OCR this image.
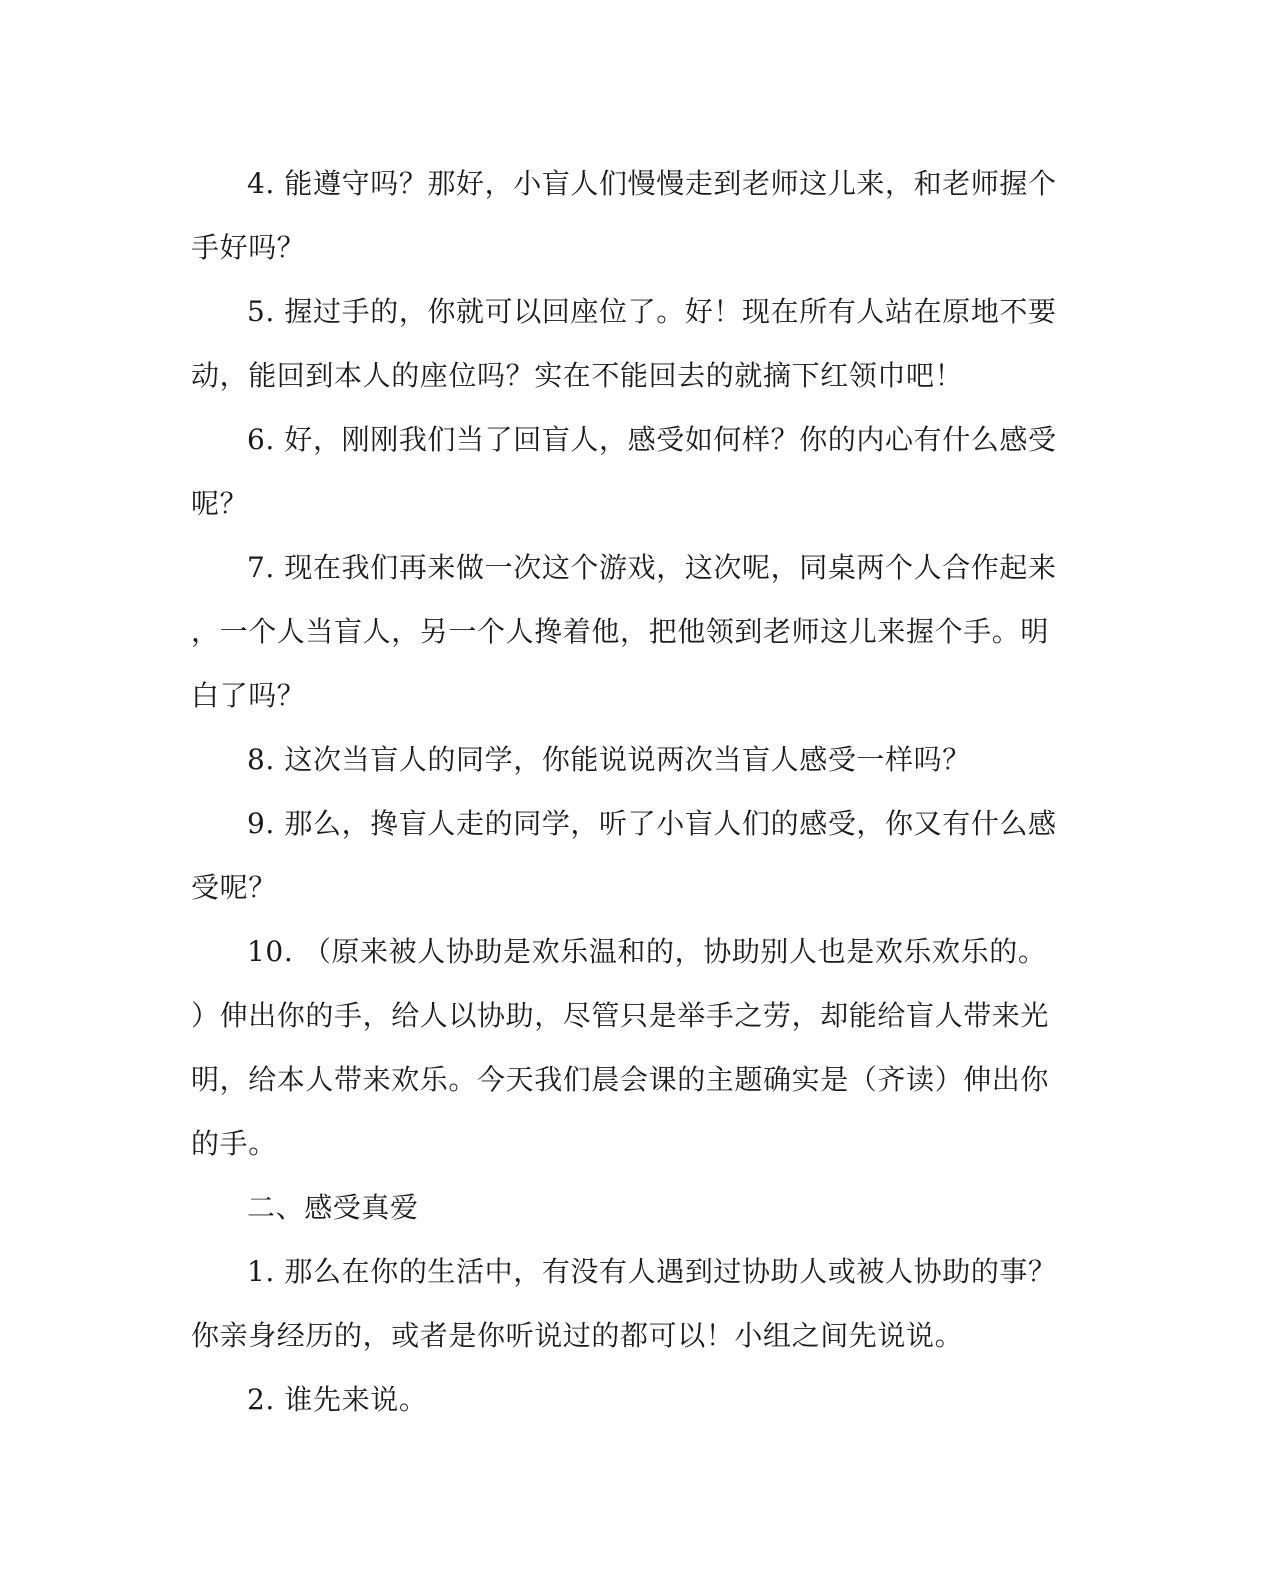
4. 能遵守吗？那好，小盲人们慢慢走到老师这儿来，和老师握个
手好吗？
5. 握过手的，你就可以回座位了。好！现在所有人站在原地不要
动，能回到本人的座位吗？实在不能回去的就摘下红领巾吧！
6. 好，刚刚我们当了回盲人，感受如何样？你的内心有什么感受
呢？
7. 现在我们再来做一次这个游戏，这次呢，同桌两个人合作起来
，一个人当盲人，另一个人搀着他，把他领到老师这儿来握个手。明
白了吗？
8. 这次当盲人的同学，你能说说两次当盲人感受一样吗？
9. 那么，搀盲人走的同学，听了小盲人们的感受，你又有什么感
受呢？
10. （原来被人协助是欢乐温和的，协助别人也是欢乐欢乐的。
）伸出你的手，给人以协助，尽管只是举手之劳，却能给盲人带来光
明，给本人带来欢乐。今天我们晨会课的主题确实是（齐读）伸出你
的手。
二、感受真爱
1. 那么在你的生活中，有没有人遇到过协助人或被人协助的事？
你亲身经历的，或者是你听说过的都可以！小组之间先说说。
2. 谁先来说。
